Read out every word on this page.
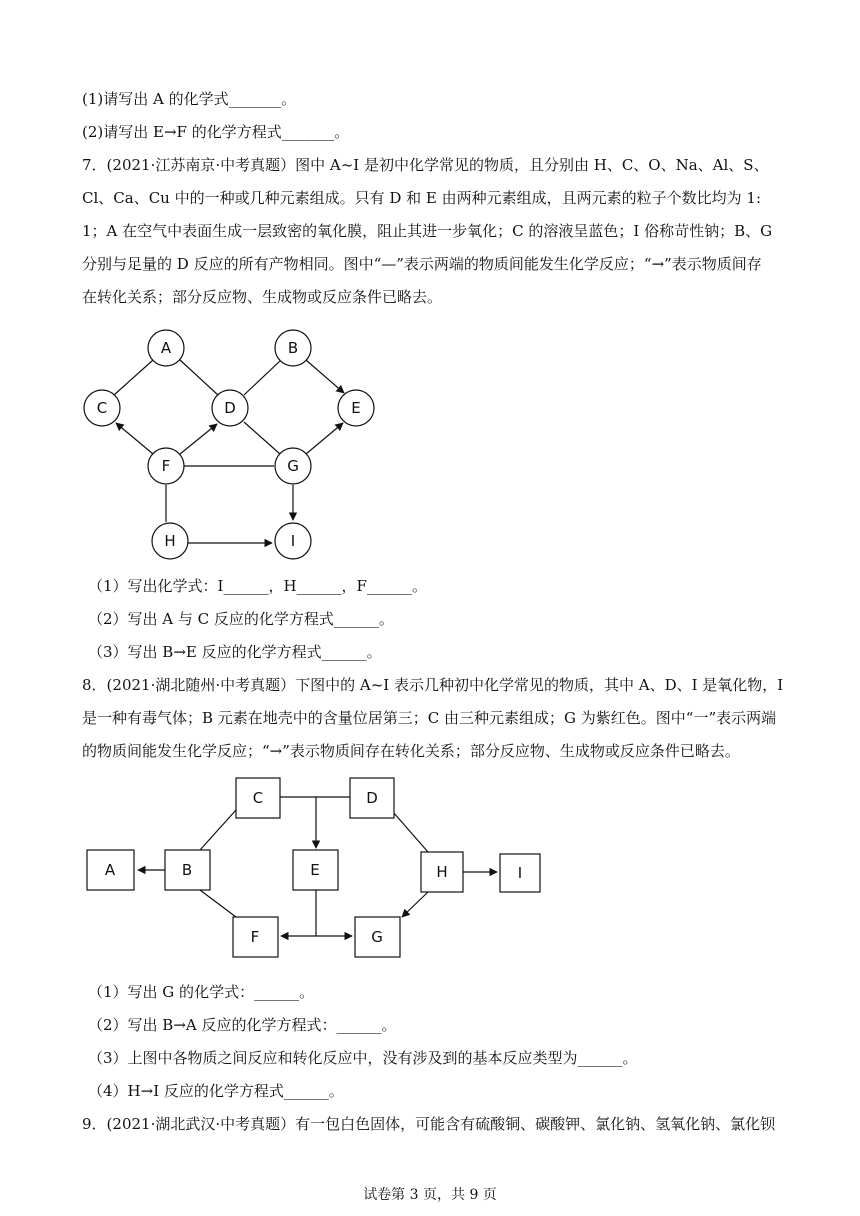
(1)请写出 A 的化学式_______。
(2)请写出 E→F 的化学方程式_______。
7．(2021·江苏南京·中考真题）图中 A~I 是初中化学常见的物质，且分别由 H、C、O、Na、Al、S、
Cl、Ca、Cu 中的一种或几种元素组成。只有 D 和 E 由两种元素组成，且两元素的粒子个数比均为 1:
1；A 在空气中表面生成一层致密的氧化膜，阻止其进一步氧化；C 的溶液呈蓝色；I 俗称苛性钠；B、G
分别与足量的 D 反应的所有产物相同。图中“—”表示两端的物质间能发生化学反应；“→”表示物质间存
在转化关系；部分反应物、生成物或反应条件已略去。
A	B
C	D	E
F	G
H	I
C	D
A	B	E	H	I
F	G
（1）写出化学式：I______，H______，F______。
（2）写出 A 与 C 反应的化学方程式______。
（3）写出 B→E 反应的化学方程式______。
8．(2021·湖北随州·中考真题）下图中的 A~I 表示几种初中化学常见的物质，其中 A、D、I 是氧化物，I
是一种有毒气体；B 元素在地壳中的含量位居第三；C 由三种元素组成；G 为紫红色。图中“一”表示两端
的物质间能发生化学反应；“→”表示物质间存在转化关系；部分反应物、生成物或反应条件已略去。
（1）写出 G 的化学式：______。
（2）写出 B→A 反应的化学方程式：______。
（3）上图中各物质之间反应和转化反应中，没有涉及到的基本反应类型为______。
（4）H→I 反应的化学方程式______。
9．(2021·湖北武汉·中考真题）有一包白色固体，可能含有硫酸铜、碳酸钾、氯化钠、氢氧化钠、氯化钡
试卷第 3 页，共 9 页
